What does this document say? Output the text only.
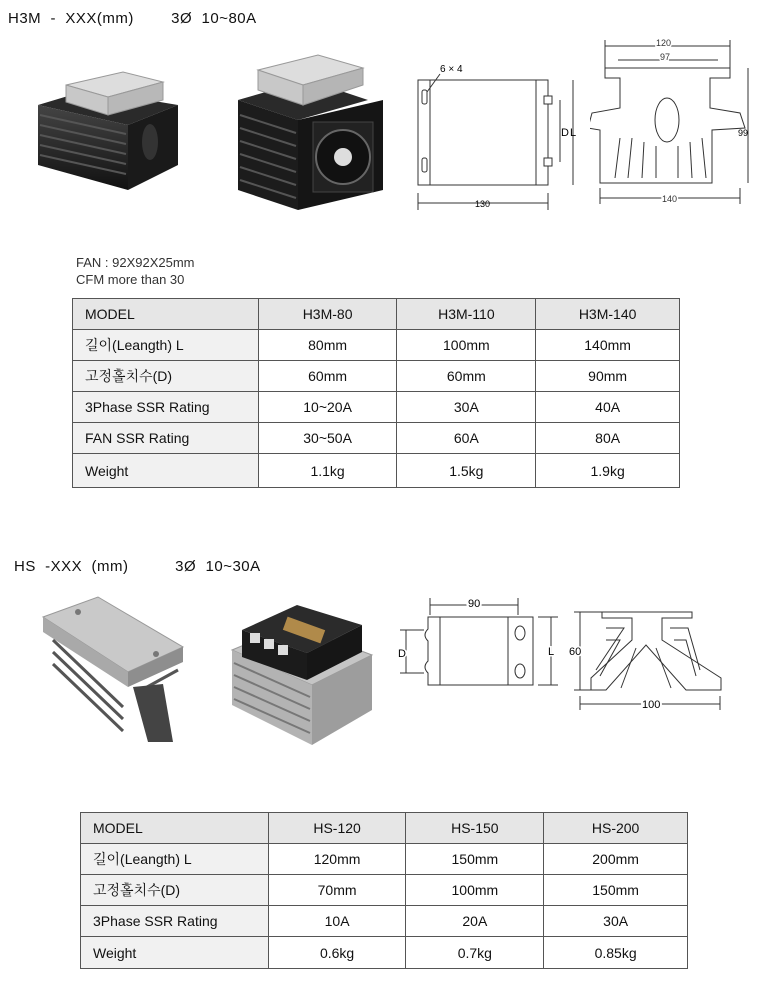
H3M  -  XXX(mm)        3Ø  10~80A
6 × 4
D L
130
120
97
140
99
FAN : 92X92X25mm
CFM more than 30
MODEL	H3M-80	H3M-110	H3M-140
길이(Leangth) L	80mm	100mm	140mm
고정홀치수(D)	60mm	60mm	90mm
3Phase SSR Rating	10~20A	30A	40A
FAN SSR Rating	30~50A	60A	80A
Weight	1.1kg	1.5kg	1.9kg
HS  -XXX  (mm)          3Ø  10~30A
90
D	L 60
100
MODEL	HS-120	HS-150	HS-200
길이(Leangth) L	120mm	150mm	200mm
고정홀치수(D)	70mm	100mm	150mm
3Phase SSR Rating	10A	20A	30A
Weight	0.6kg	0.7kg	0.85kg
